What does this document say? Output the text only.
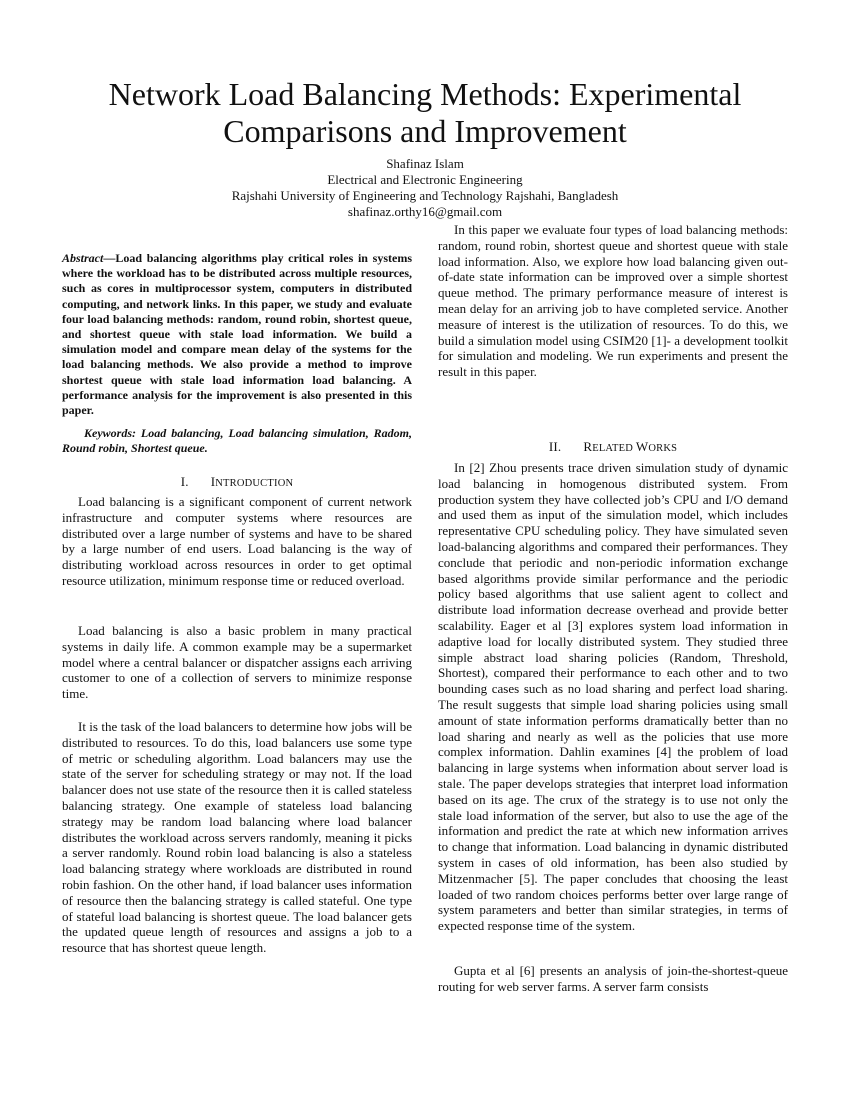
Network Load Balancing Methods: Experimental
Comparisons and Improvement
Shafinaz Islam
Electrical and Electronic Engineering
Rajshahi University of Engineering and Technology Rajshahi, Bangladesh
shafinaz.orthy16@gmail.com

Abstract—Load balancing algorithms play critical roles in systems where the workload has to be distributed across multiple resources, such as cores in multiprocessor system, computers in distributed computing, and network links. In this paper, we study and evaluate four load balancing methods: random, round robin, shortest queue, and shortest queue with stale load information. We build a simulation model and compare mean delay of the systems for the load balancing methods. We also provide a method to improve shortest queue with stale load information load balancing. A performance analysis for the improvement is also presented in this paper.

Keywords: Load balancing, Load balancing simulation, Radom, Round robin, Shortest queue.

I. INTRODUCTION

Load balancing is a significant component of current network infrastructure and computer systems where resources are distributed over a large number of systems and have to be shared by a large number of end users. Load balancing is the way of distributing workload across resources in order to get optimal resource utilization, minimum response time or reduced overload.

Load balancing is also a basic problem in many practical systems in daily life. A common example may be a supermarket model where a central balancer or dispatcher assigns each arriving customer to one of a collection of servers to minimize response time.

It is the task of the load balancers to determine how jobs will be distributed to resources. To do this, load balancers use some type of metric or scheduling algorithm. Load balancers may use the state of the server for scheduling strategy or may not. If the load balancer does not use state of the resource then it is called stateless balancing strategy. One example of stateless load balancing strategy may be random load balancing where load balancer distributes the workload across servers randomly, meaning it picks a server randomly. Round robin load balancing is also a stateless load balancing strategy where workloads are distributed in round robin fashion. On the other hand, if load balancer uses information of resource then the balancing strategy is called stateful. One type of stateful load balancing is shortest queue. The load balancer gets the updated queue length of resources and assigns a job to a resource that has shortest queue length.

In this paper we evaluate four types of load balancing methods: random, round robin, shortest queue and shortest queue with stale load information. Also, we explore how load balancing given out-of-date state information can be improved over a simple shortest queue method. The primary performance measure of interest is mean delay for an arriving job to have completed service. Another measure of interest is the utilization of resources. To do this, we build a simulation model using CSIM20 [1]- a development toolkit for simulation and modeling. We run experiments and present the result in this paper.

II. RELATED WORKS

In [2] Zhou presents trace driven simulation study of dynamic load balancing in homogenous distributed system. From production system they have collected job’s CPU and I/O demand and used them as input of the simulation model, which includes representative CPU scheduling policy. They have simulated seven load-balancing algorithms and compared their performances. They conclude that periodic and non-periodic information exchange based algorithms provide similar performance and the periodic policy based algorithms that use salient agent to collect and distribute load information decrease overhead and provide better scalability. Eager et al [3] explores system load information in adaptive load for locally distributed system. They studied three simple abstract load sharing policies (Random, Threshold, Shortest), compared their performance to each other and to two bounding cases such as no load sharing and perfect load sharing. The result suggests that simple load sharing policies using small amount of state information performs dramatically better than no load sharing and nearly as well as the policies that use more complex information. Dahlin examines [4] the problem of load balancing in large systems when information about server load is stale. The paper develops strategies that interpret load information based on its age. The crux of the strategy is to use not only the stale load information of the server, but also to use the age of the information and predict the rate at which new information arrives to change that information. Load balancing in dynamic distributed system in cases of old information, has been also studied by Mitzenmacher [5]. The paper concludes that choosing the least loaded of two random choices performs better over large range of system parameters and better than similar strategies, in terms of expected response time of the system.

Gupta et al [6] presents an analysis of join-the-shortest-queue routing for web server farms. A server farm consists
